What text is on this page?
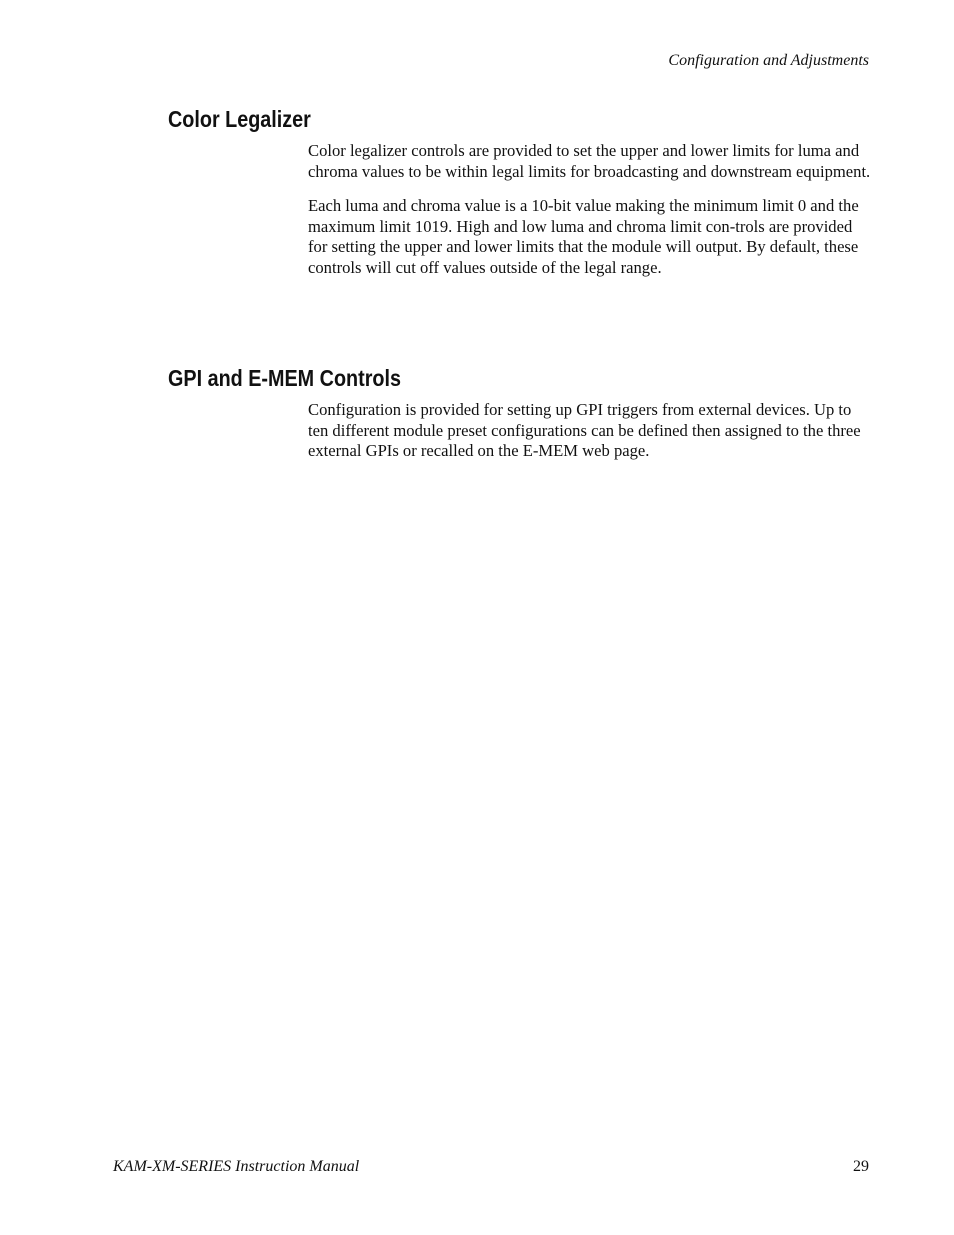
Configuration and Adjustments
Color Legalizer

Color legalizer controls are provided to set the upper and lower limits for luma and chroma values to be within legal limits for broadcasting and downstream equipment.

Each luma and chroma value is a 10-bit value making the minimum limit 0 and the maximum limit 1019. High and low luma and chroma limit con-trols are provided for setting the upper and lower limits that the module will output. By default, these controls will cut off values outside of the legal range.

GPI and E-MEM Controls

Configuration is provided for setting up GPI triggers from external devices. Up to ten different module preset configurations can be defined then assigned to the three external GPIs or recalled on the E-MEM web page.

KAM-XM-SERIES Instruction Manual	29
